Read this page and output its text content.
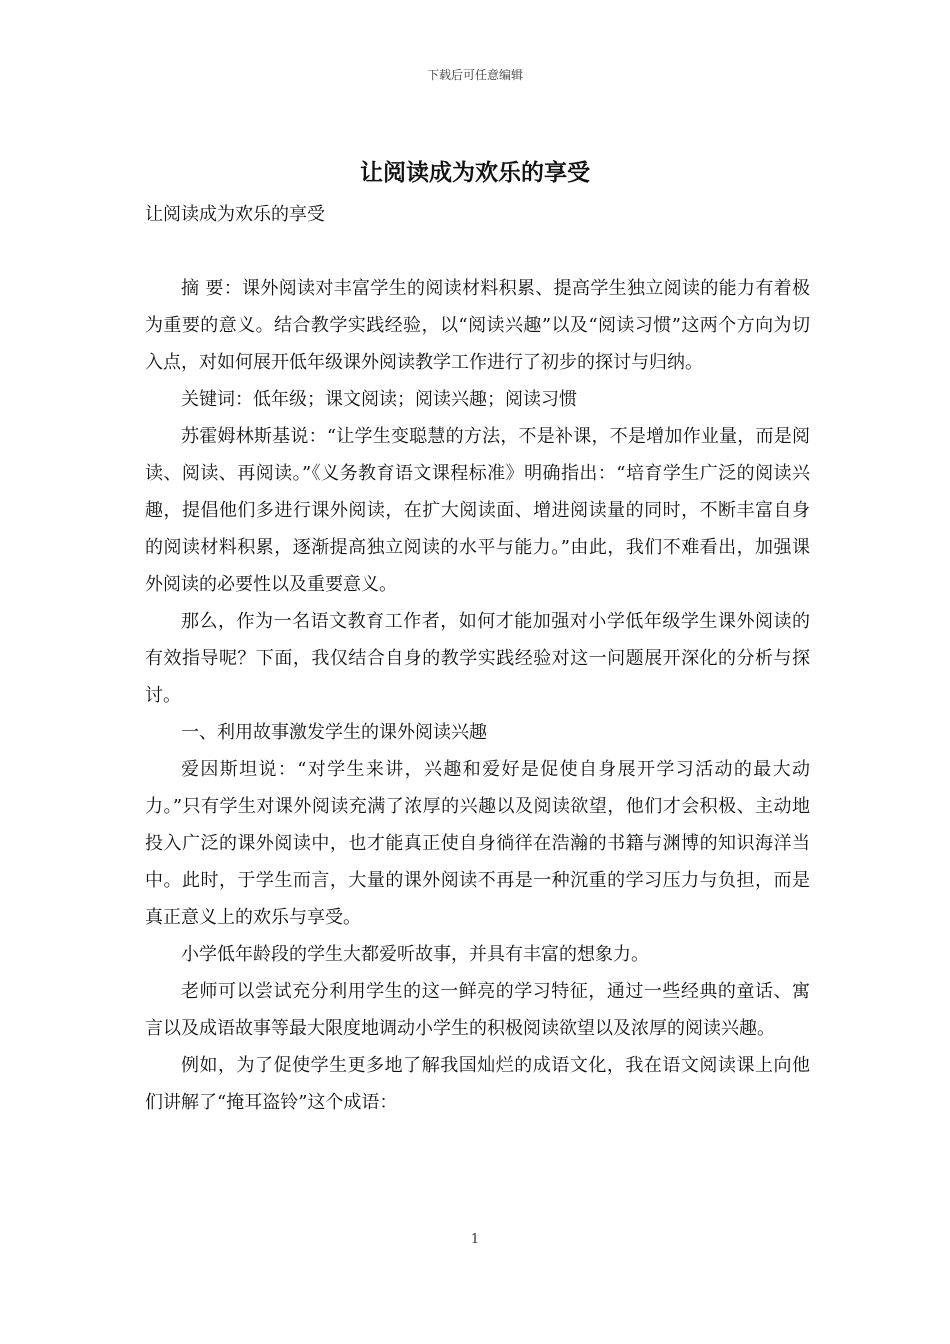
下载后可任意编辑
让阅读成为欢乐的享受
让阅读成为欢乐的享受

摘 要：课外阅读对丰富学生的阅读材料积累、提高学生独立阅读的能力有着极为重要的意义。结合教学实践经验，以“阅读兴趣”以及“阅读习惯”这两个方向为切入点，对如何展开低年级课外阅读教学工作进行了初步的探讨与归纳。

关键词：低年级；课文阅读；阅读兴趣；阅读习惯

苏霍姆林斯基说：“让学生变聪慧的方法，不是补课，不是增加作业量，而是阅读、阅读、再阅读。”《义务教育语文课程标准》明确指出：“培育学生广泛的阅读兴趣，提倡他们多进行课外阅读，在扩大阅读面、增进阅读量的同时，不断丰富自身的阅读材料积累，逐渐提高独立阅读的水平与能力。”由此，我们不难看出，加强课外阅读的必要性以及重要意义。

那么，作为一名语文教育工作者，如何才能加强对小学低年级学生课外阅读的有效指导呢？下面，我仅结合自身的教学实践经验对这一问题展开深化的分析与探讨。

一、利用故事激发学生的课外阅读兴趣

爱因斯坦说：“对学生来讲，兴趣和爱好是促使自身展开学习活动的最大动力。”只有学生对课外阅读充满了浓厚的兴趣以及阅读欲望，他们才会积极、主动地投入广泛的课外阅读中，也才能真正使自身徜徉在浩瀚的书籍与渊博的知识海洋当中。此时，于学生而言，大量的课外阅读不再是一种沉重的学习压力与负担，而是真正意义上的欢乐与享受。

小学低年龄段的学生大都爱听故事，并具有丰富的想象力。

老师可以尝试充分利用学生的这一鲜亮的学习特征，通过一些经典的童话、寓言以及成语故事等最大限度地调动小学生的积极阅读欲望以及浓厚的阅读兴趣。

例如，为了促使学生更多地了解我国灿烂的成语文化，我在语文阅读课上向他们讲解了“掩耳盗铃”这个成语：

1
